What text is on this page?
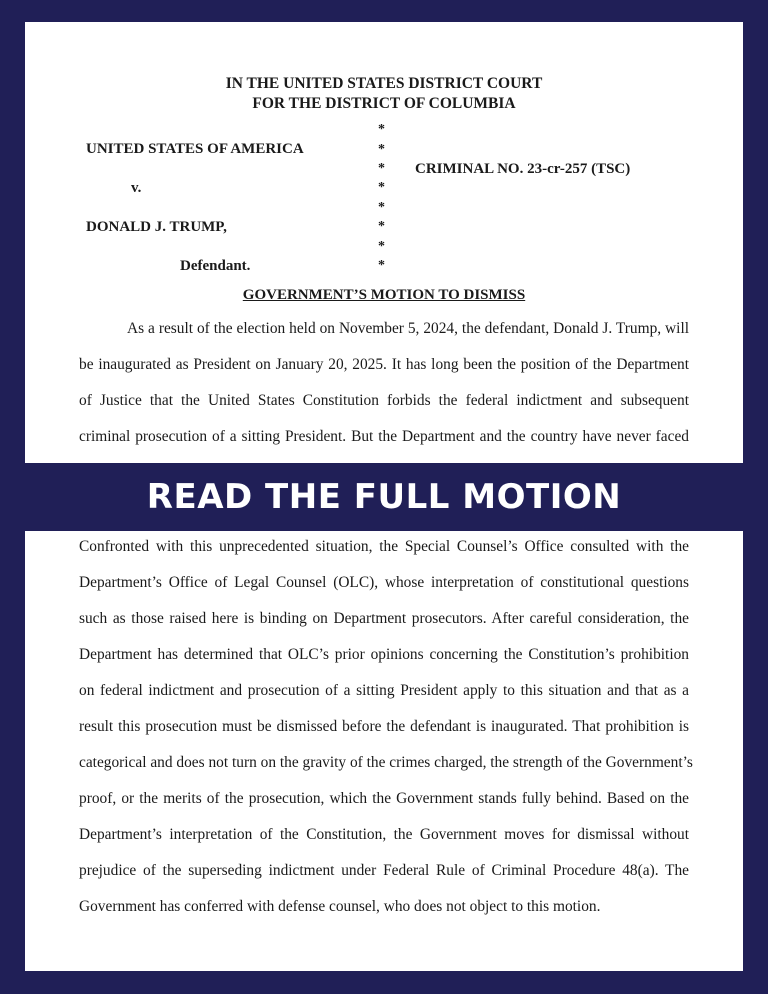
IN THE UNITED STATES DISTRICT COURT
FOR THE DISTRICT OF COLUMBIA
UNITED STATES OF AMERICA
v.
DONALD J. TRUMP,
Defendant.
CRIMINAL NO. 23-cr-257 (TSC)
*
*
*
*
*
*
*
*
GOVERNMENT’S MOTION TO DISMISS
As a result of the election held on November 5, 2024, the defendant, Donald J. Trump, will
be inaugurated as President on January 20, 2025. It has long been the position of the Department
of Justice that the United States Constitution forbids the federal indictment and subsequent
criminal prosecution of a sitting President. But the Department and the country have never faced
READ THE FULL MOTION
Confronted with this unprecedented situation, the Special Counsel’s Office consulted with the
Department’s Office of Legal Counsel (OLC), whose interpretation of constitutional questions
such as those raised here is binding on Department prosecutors. After careful consideration, the
Department has determined that OLC’s prior opinions concerning the Constitution’s prohibition
on federal indictment and prosecution of a sitting President apply to this situation and that as a
result this prosecution must be dismissed before the defendant is inaugurated. That prohibition is
categorical and does not turn on the gravity of the crimes charged, the strength of the Government’s
proof, or the merits of the prosecution, which the Government stands fully behind. Based on the
Department’s interpretation of the Constitution, the Government moves for dismissal without
prejudice of the superseding indictment under Federal Rule of Criminal Procedure 48(a). The
Government has conferred with defense counsel, who does not object to this motion.
